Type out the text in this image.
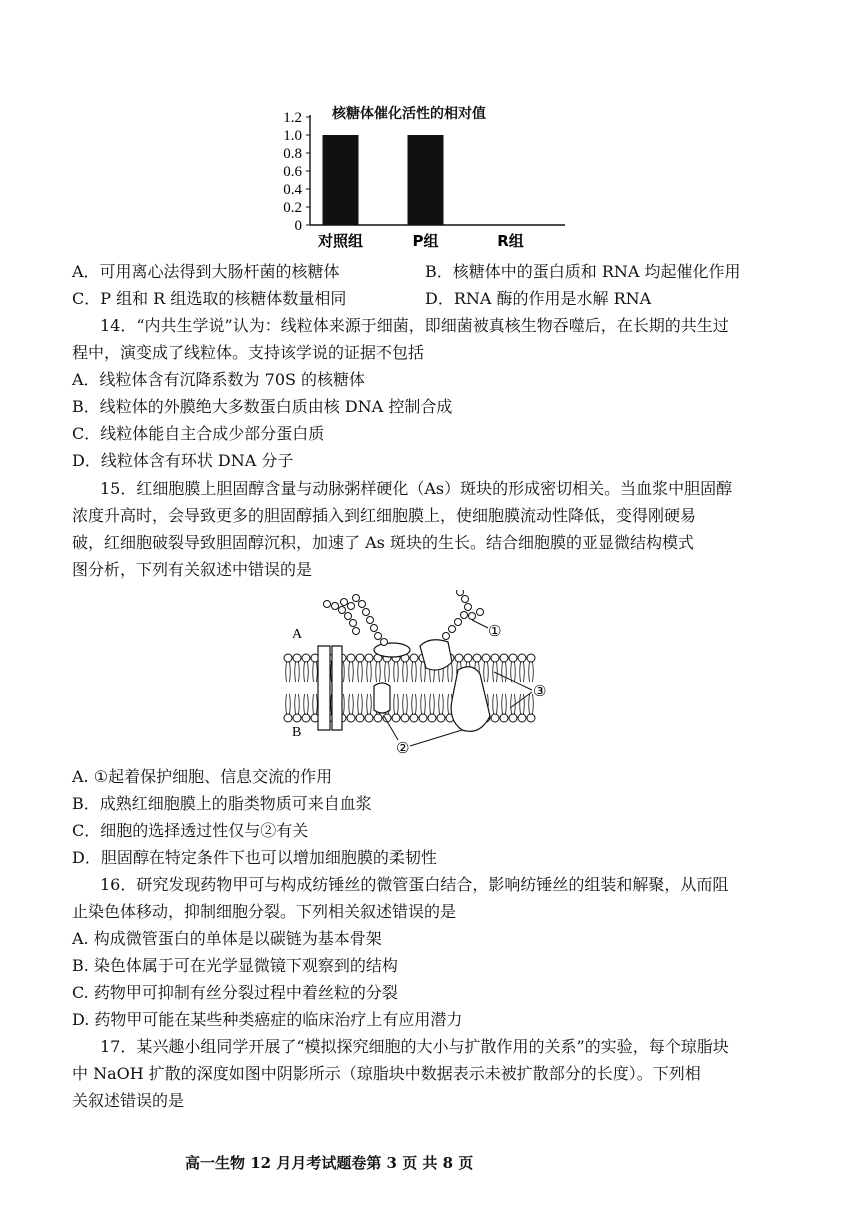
0
0.2
0.4
0.6
0.8
1.0
1.2
对照组	P组	R组
核糖体催化活性的相对值
A．可用离心法得到大肠杆菌的核糖体	B．核糖体中的蛋白质和 RNA 均起催化作用
C．P 组和 R 组选取的核糖体数量相同	D．RNA 酶的作用是水解 RNA
14．“内共生学说”认为：线粒体来源于细菌，即细菌被真核生物吞噬后，在长期的共生过
程中，演变成了线粒体。支持该学说的证据不包括
A．线粒体含有沉降系数为 70S 的核糖体
B．线粒体的外膜绝大多数蛋白质由核 DNA 控制合成
C．线粒体能自主合成少部分蛋白质
D．线粒体含有环状 DNA 分子
15．红细胞膜上胆固醇含量与动脉粥样硬化（As）斑块的形成密切相关。当血浆中胆固醇
浓度升高时，会导致更多的胆固醇插入到红细胞膜上，使细胞膜流动性降低，变得刚硬易
破，红细胞破裂导致胆固醇沉积，加速了 As 斑块的生长。结合细胞膜的亚显微结构模式
图分析，下列有关叙述中错误的是
A
B
①
②
③
A. ①起着保护细胞、信息交流的作用
B．成熟红细胞膜上的脂类物质可来自血浆
C．细胞的选择透过性仅与②有关
D．胆固醇在特定条件下也可以增加细胞膜的柔韧性
16．研究发现药物甲可与构成纺锤丝的微管蛋白结合，影响纺锤丝的组装和解聚，从而阻
止染色体移动，抑制细胞分裂。下列相关叙述错误的是
A. 构成微管蛋白的单体是以碳链为基本骨架
B. 染色体属于可在光学显微镜下观察到的结构
C. 药物甲可抑制有丝分裂过程中着丝粒的分裂
D. 药物甲可能在某些种类癌症的临床治疗上有应用潜力
17．某兴趣小组同学开展了“模拟探究细胞的大小与扩散作用的关系”的实验，每个琼脂块
中 NaOH 扩散的深度如图中阴影所示（琼脂块中数据表示未被扩散部分的长度）。下列相
关叙述错误的是
高一生物 12 月月考试题卷第 3 页 共 8 页
